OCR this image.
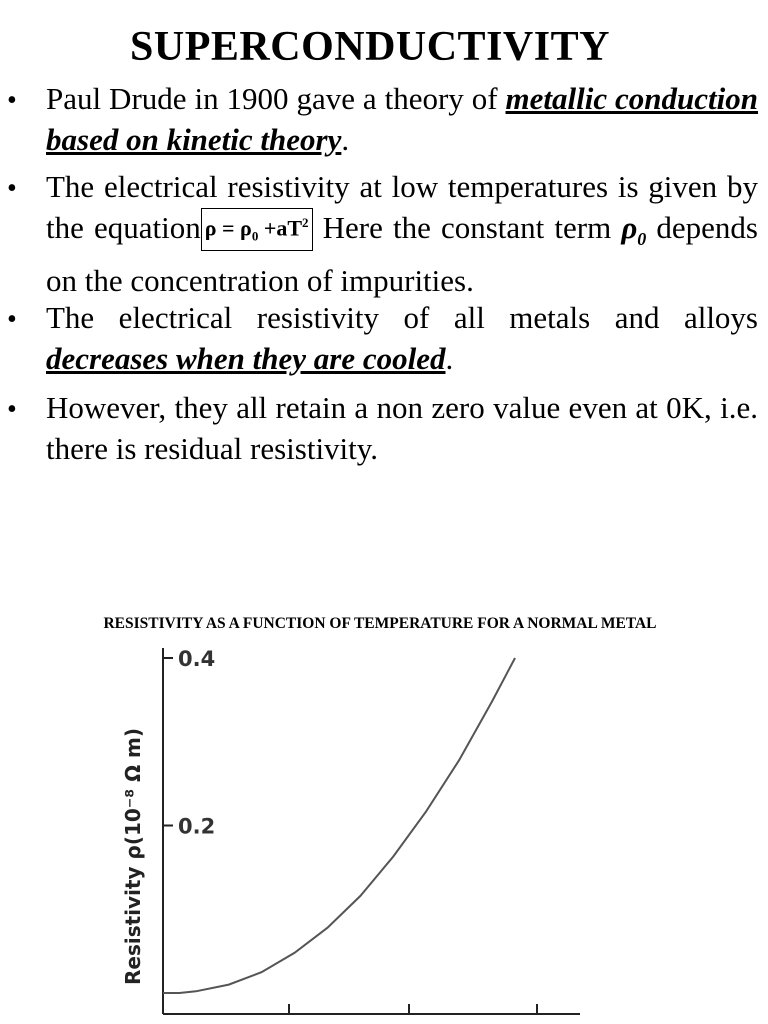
SUPERCONDUCTIVITY
• Paul Drude in 1900 gave a theory of metallic conduction based on kinetic theory.
• The electrical resistivity at low temperatures is given by the equation $\rho = \rho_0 +aT^2$ Here the constant term $\rho_0$ depends on the concentration of impurities.
• The electrical resistivity of all metals and alloys decreases when they are cooled.
• However, they all retain a non zero value even at 0K, i.e. there is residual resistivity.
RESISTIVITY AS A FUNCTION OF TEMPERATURE FOR A NORMAL METAL
0.2
0.4
Resistivity ρ(10⁻⁸ Ω m)
